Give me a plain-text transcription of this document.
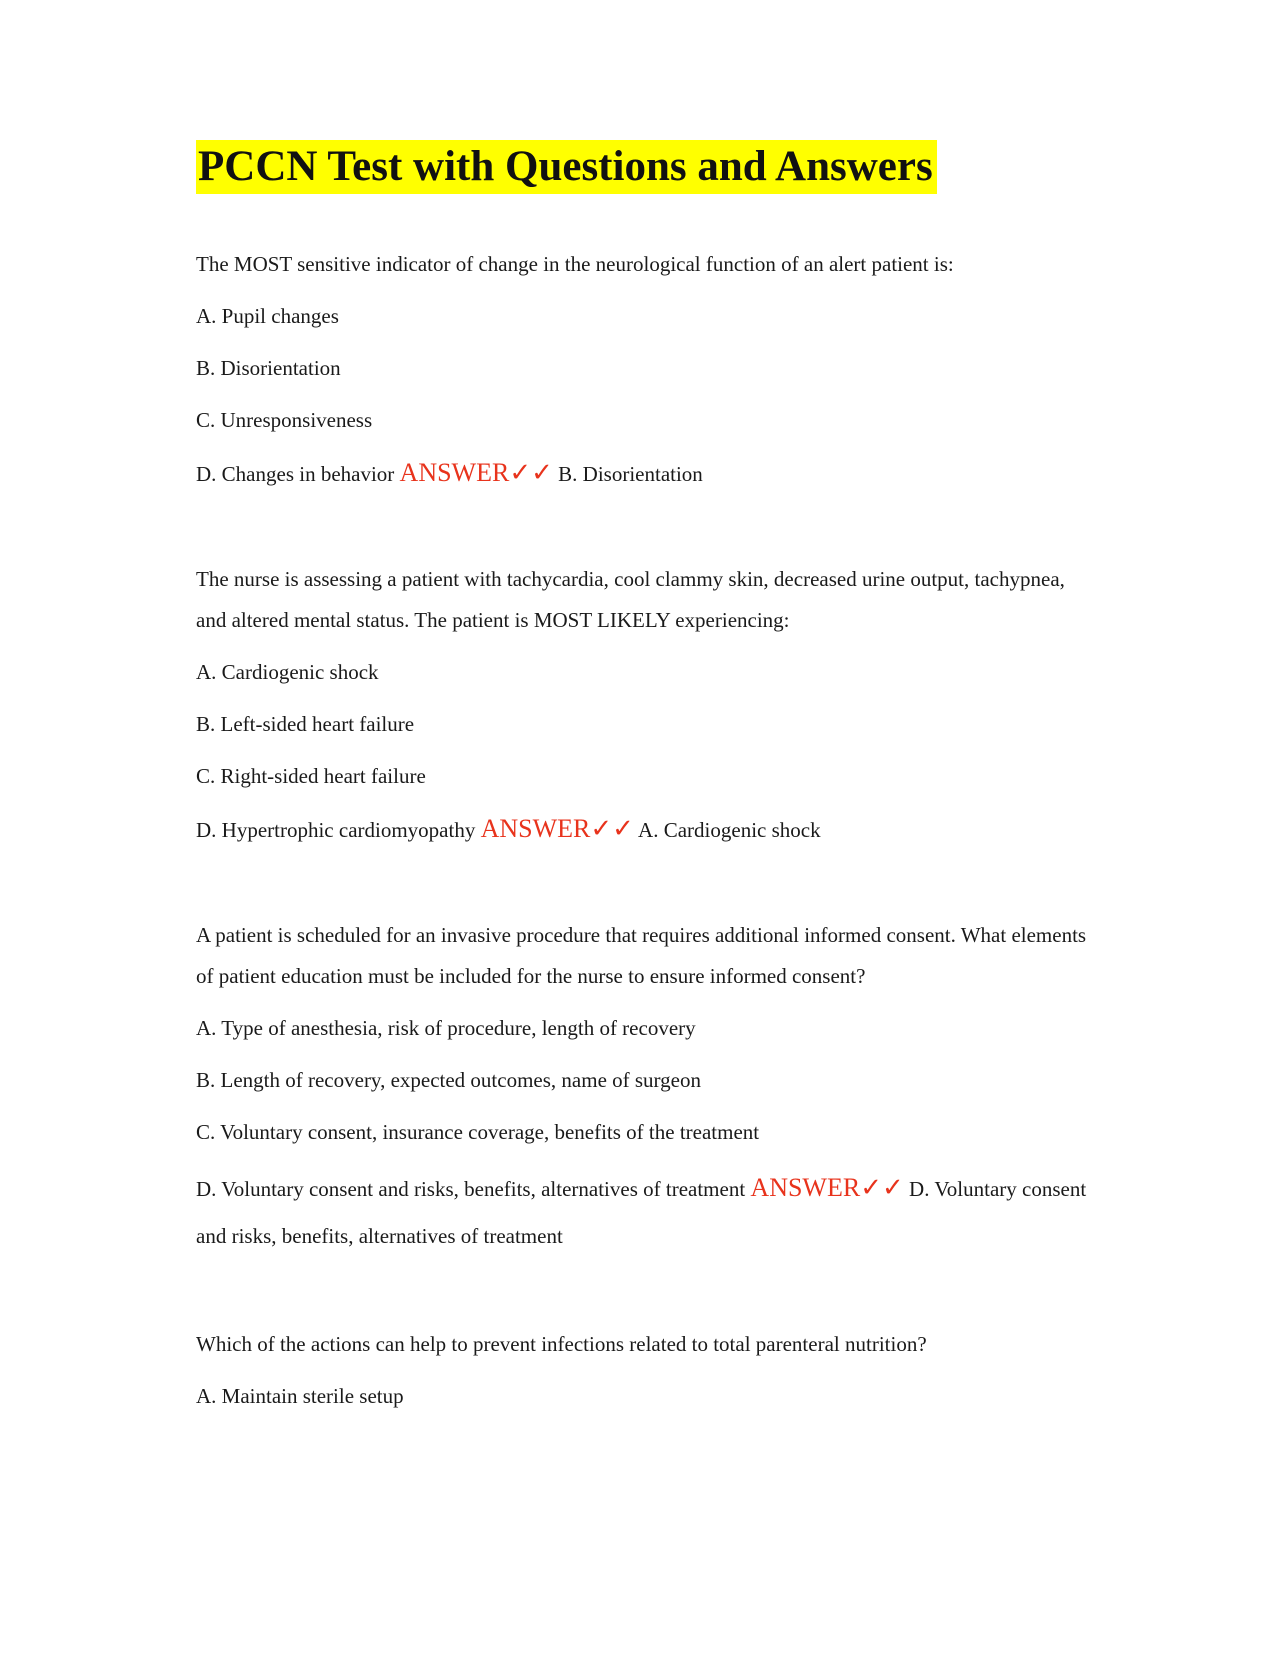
PCCN Test with Questions and Answers
The MOST sensitive indicator of change in the neurological function of an alert patient is:
A. Pupil changes
B. Disorientation
C. Unresponsiveness
D. Changes in behavior ANSWER✓✓ B. Disorientation
The nurse is assessing a patient with tachycardia, cool clammy skin, decreased urine output, tachypnea, and altered mental status. The patient is MOST LIKELY experiencing:
A. Cardiogenic shock
B. Left-sided heart failure
C. Right-sided heart failure
D. Hypertrophic cardiomyopathy ANSWER✓✓ A. Cardiogenic shock
A patient is scheduled for an invasive procedure that requires additional informed consent. What elements of patient education must be included for the nurse to ensure informed consent?
A. Type of anesthesia, risk of procedure, length of recovery
B. Length of recovery, expected outcomes, name of surgeon
C. Voluntary consent, insurance coverage, benefits of the treatment
D. Voluntary consent and risks, benefits, alternatives of treatment ANSWER✓✓ D. Voluntary consent and risks, benefits, alternatives of treatment
Which of the actions can help to prevent infections related to total parenteral nutrition?
A. Maintain sterile setup
